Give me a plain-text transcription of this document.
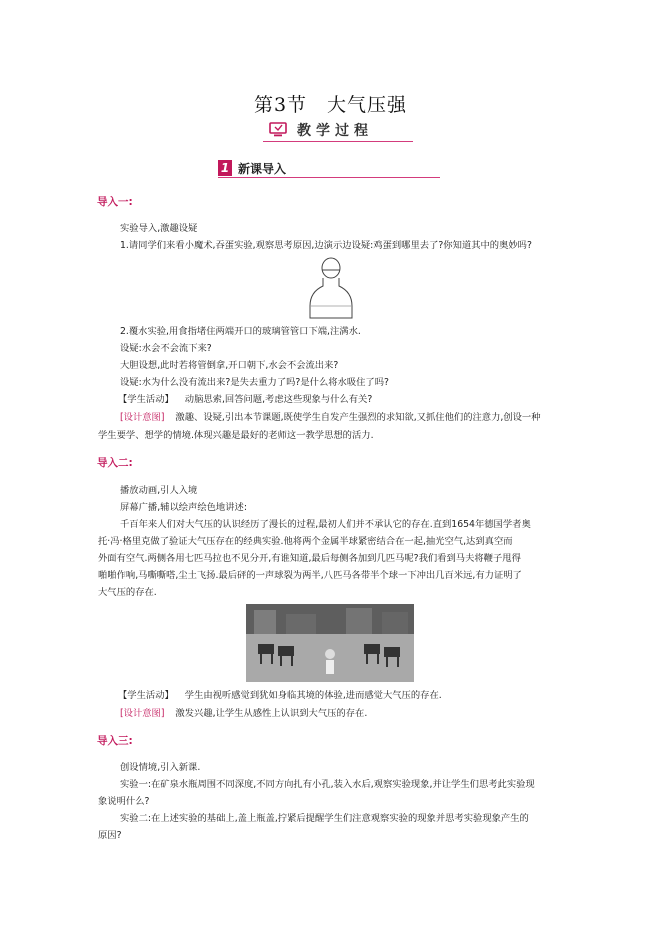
第3节　大气压强
教学过程
1 新课导入
导入一:
实验导入,激趣设疑
1.请同学们来看小魔术,吞蛋实验,观察思考原因,边演示边设疑:鸡蛋到哪里去了?你知道其中的奥妙吗?
2.覆水实验,用食指堵住两端开口的玻璃管管口下端,注满水.
设疑:水会不会流下来?
大胆设想,此时若将管倒拿,开口朝下,水会不会流出来?
设疑:水为什么没有流出来?是失去重力了吗?是什么将水吸住了吗?
【学生活动】 动脑思索,回答问题,考虑这些现象与什么有关?
[设计意图] 激趣、设疑,引出本节课题,既使学生自发产生强烈的求知欲,又抓住他们的注意力,创设一种
学生要学、想学的情境.体现兴趣是最好的老师这一教学思想的活力.
导入二:
播放动画,引人入境
屏幕广播,辅以绘声绘色地讲述:
千百年来人们对大气压的认识经历了漫长的过程,最初人们并不承认它的存在.直到1654年德国学者奥
托·冯·格里克做了验证大气压存在的经典实验.他将两个金属半球紧密结合在一起,抽光空气,达到真空而
外面有空气.两侧各用七匹马拉也不见分开,有谁知道,最后每侧各加到几匹马呢?我们看到马夫将鞭子甩得
啪啪作响,马嘶嘶嗒,尘土飞扬.最后砰的一声球裂为两半,八匹马各带半个球一下冲出几百米远,有力证明了
大气压的存在.
【学生活动】 学生由视听感觉到犹如身临其境的体验,进而感觉大气压的存在.
[设计意图] 激发兴趣,让学生从感性上认识到大气压的存在.
导入三:
创设情境,引入新课.
实验一:在矿泉水瓶周围不同深度,不同方向扎有小孔,装入水后,观察实验现象,并让学生们思考此实验现
象说明什么?
实验二:在上述实验的基础上,盖上瓶盖,拧紧后提醒学生们注意观察实验的现象并思考实验现象产生的
原因?
